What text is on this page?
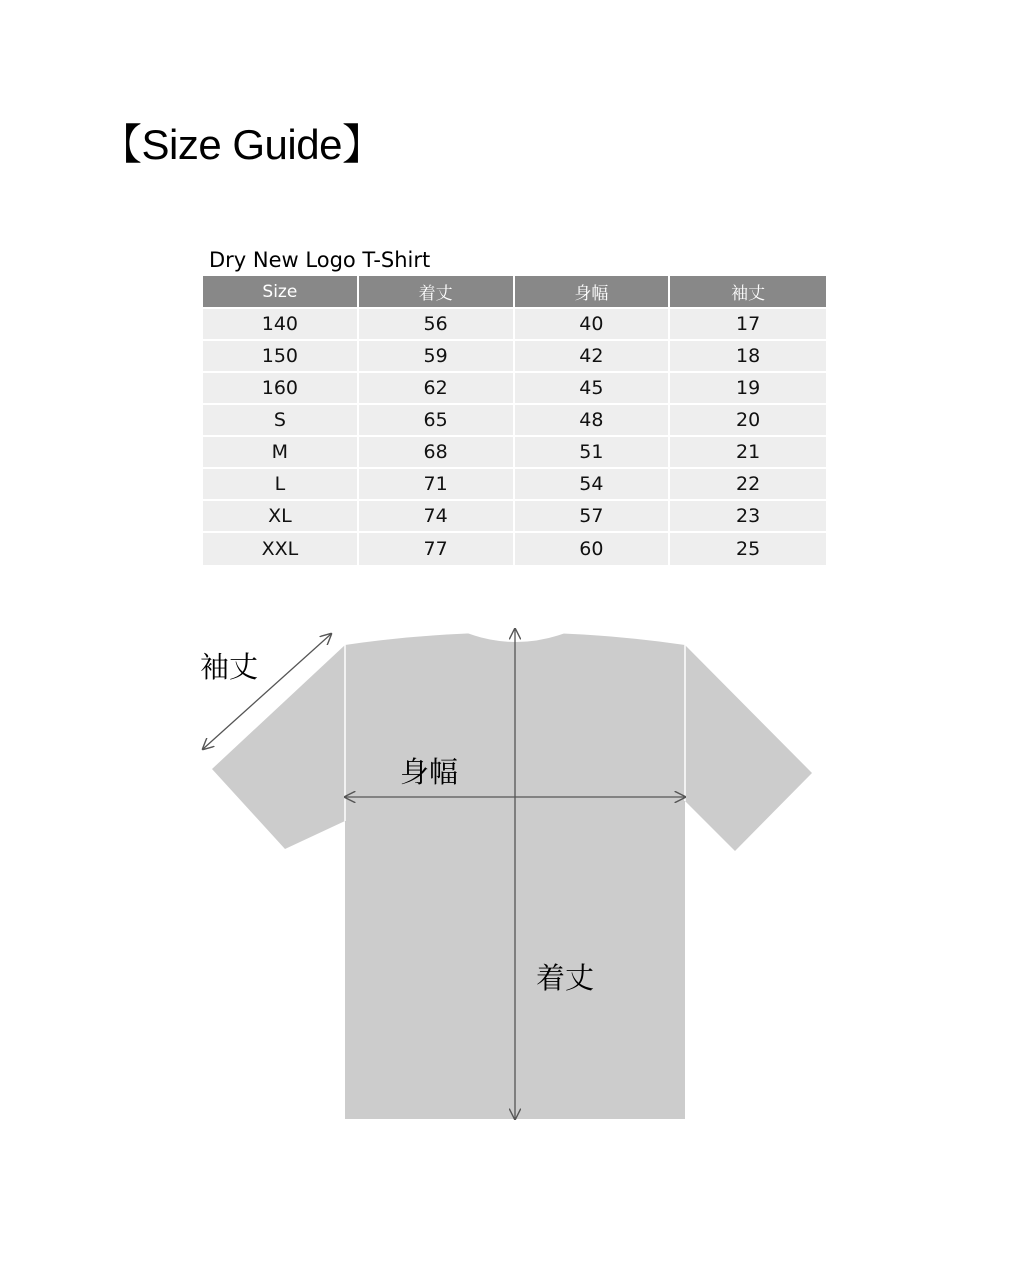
【Size Guide】
Dry New Logo T-Shirt
Size	着丈	身幅	袖丈
140	56	40	17
150	59	42	18
160	62	45	19
S	65	48	20
M	68	51	21
L	71	54	22
XL	74	57	23
XXL	77	60	25
袖丈
身幅
着丈
